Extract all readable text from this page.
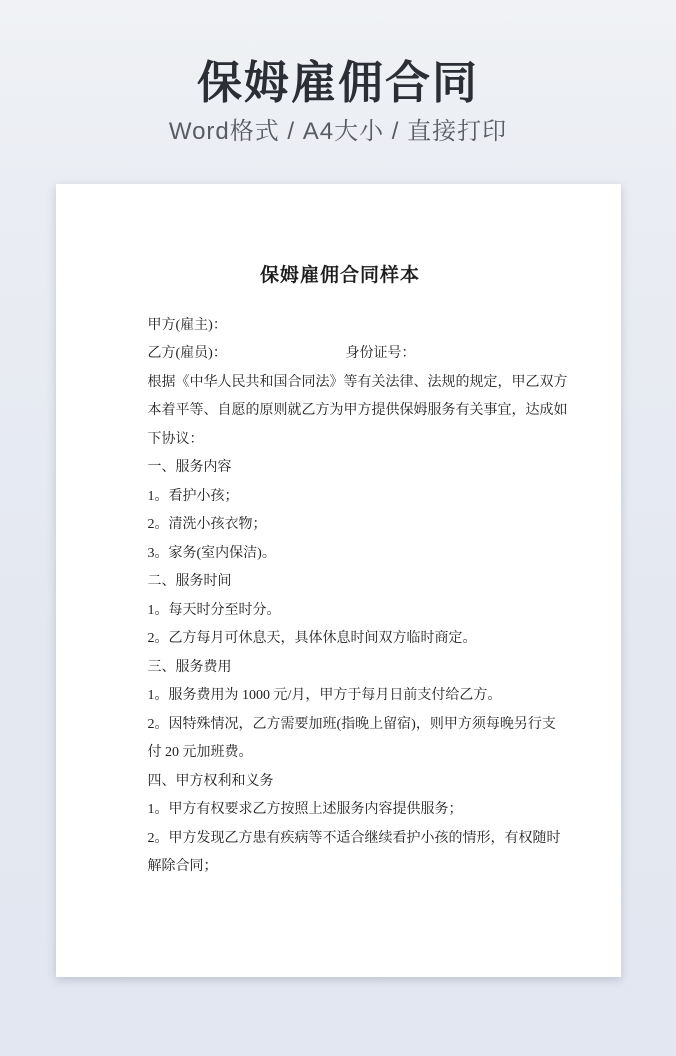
保姆雇佣合同

Word格式 / A4大小 / 直接打印

保姆雇佣合同样本
甲方(雇主)：
乙方(雇员)：	身份证号：
根据《中华人民共和国合同法》等有关法律、法规的规定，甲乙双方
本着平等、自愿的原则就乙方为甲方提供保姆服务有关事宜，达成如
下协议：
一、服务内容
1。看护小孩；
2。清洗小孩衣物；
3。家务(室内保洁)。
二、服务时间
1。每天时分至时分。
2。乙方每月可休息天，具体休息时间双方临时商定。
三、服务费用
1。服务费用为 1000 元/月，甲方于每月日前支付给乙方。
2。因特殊情况，乙方需要加班(指晚上留宿)，则甲方须每晚另行支
付 20 元加班费。
四、甲方权利和义务
1。甲方有权要求乙方按照上述服务内容提供服务；
2。甲方发现乙方患有疾病等不适合继续看护小孩的情形，有权随时
解除合同；
